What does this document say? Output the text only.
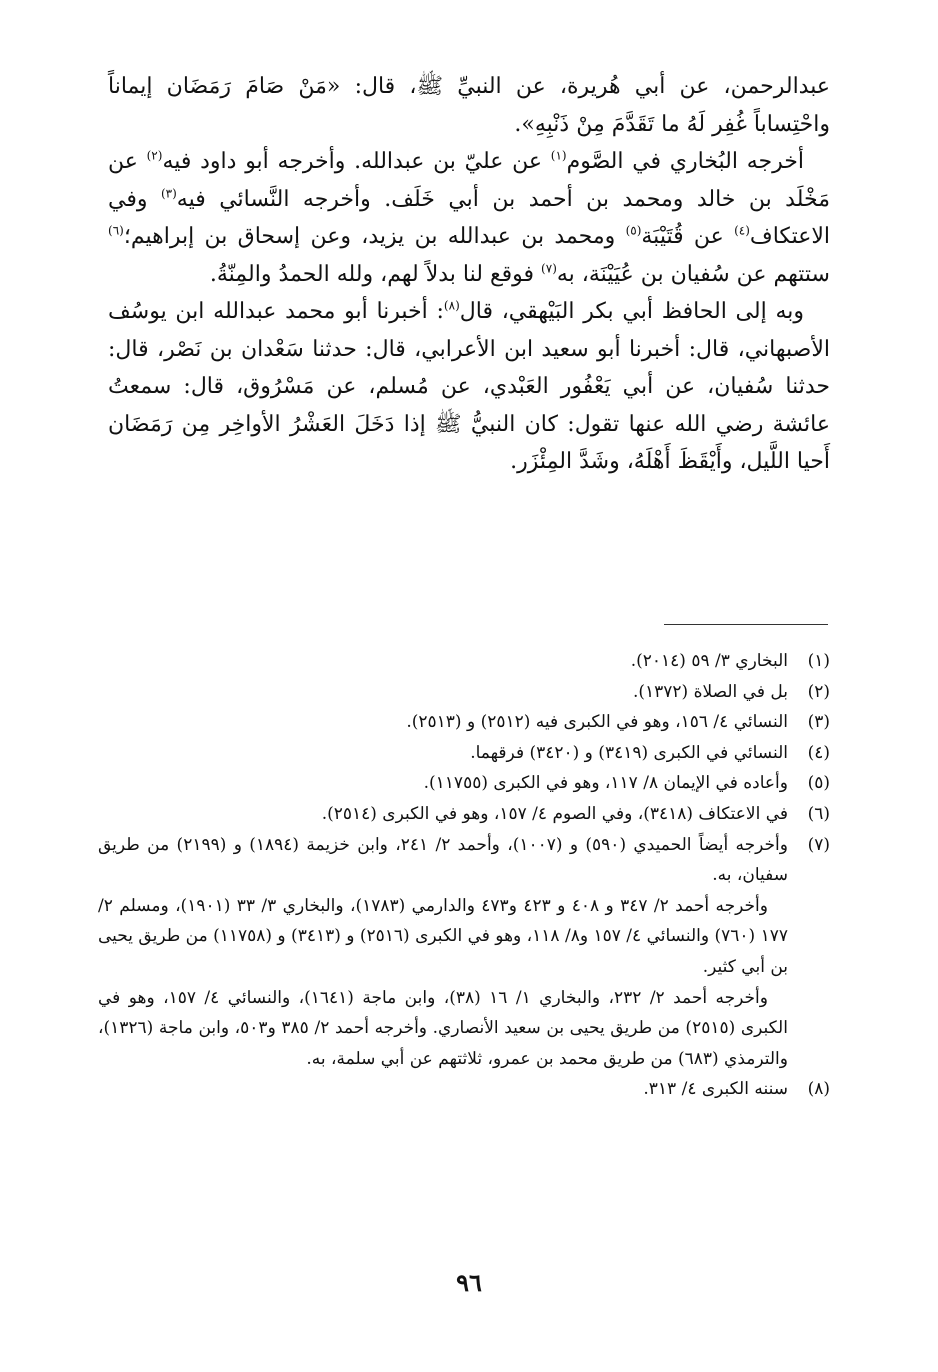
عبدالرحمن، عن أبي هُريرة، عن النبيِّ ﷺ، قال: «مَنْ صَامَ رَمَضَان إيماناً واحْتِساباً غُفِر لَهُ ما تَقَدَّمَ مِنْ ذَنْبِهِ».

أخرجه البُخاري في الصَّوم$^{(١)}$ عن عليّ بن عبدالله. وأخرجه أبو داود فيه$^{(٢)}$ عن مَخْلَد بن خالد ومحمد بن أحمد بن أبي خَلَف. وأخرجه النَّسائي فيه$^{(٣)}$ وفي الاعتكاف$^{(٤)}$ عن قُتَيْبَة$^{(٥)}$ ومحمد بن عبدالله بن يزيد، وعن إسحاق بن إبراهيم؛$^{(٦)}$ ستتهم عن سُفيان بن عُيَيْنَة، به$^{(٧)}$ فوقع لنا بدلاً لهم، ولله الحمدُ والمِنّةُ.

وبه إلى الحافظ أبي بكر البَيْهقي، قال$^{(٨)}$: أخبرنا أبو محمد عبدالله ابن يوسُف الأصبهاني، قال: أخبرنا أبو سعيد ابن الأعرابي، قال: حدثنا سَعْدان بن نَصْر، قال: حدثنا سُفيان، عن أبي يَعْفُور العَبْدي، عن مُسلم، عن مَسْرُوق، قال: سمعتُ عائشة رضي الله عنها تقول: كان النبيُّ ﷺ إذا دَخَلَ العَشْرُ الأواخِر مِن رَمَضَان أَحيا اللَّيل، وأَيْقَظَ أَهْلَهُ، وشَدَّ المِئْزَر.

(١)

البخاري ٣/ ٥٩ (٢٠١٤).

(٢)

بل في الصلاة (١٣٧٢).

(٣)

النسائي ٤/ ١٥٦، وهو في الكبرى فيه (٢٥١٢) و (٢٥١٣).

(٤)

النسائي في الكبرى (٣٤١٩) و (٣٤٢٠) فرقهما.

(٥)

وأعاده في الإيمان ٨/ ١١٧، وهو في الكبرى (١١٧٥٥).

(٦)

في الاعتكاف (٣٤١٨)، وفي الصوم ٤/ ١٥٧، وهو في الكبرى (٢٥١٤).

(٧)

وأخرجه أيضاً الحميدي (٥٩٠) و (١٠٠٧)، وأحمد ٢/ ٢٤١، وابن خزيمة (١٨٩٤) و (٢١٩٩) من طريق سفيان، به.

وأخرجه أحمد ٢/ ٣٤٧ و ٤٠٨ و ٤٢٣ و٤٧٣ والدارمي (١٧٨٣)، والبخاري ٣/ ٣٣ (١٩٠١)، ومسلم ٢/ ١٧٧ (٧٦٠) والنسائي ٤/ ١٥٧ و٨/ ١١٨، وهو في الكبرى (٢٥١٦) و (٣٤١٣) و (١١٧٥٨) من طريق يحيى بن أبي كثير.

وأخرجه أحمد ٢/ ٢٣٢، والبخاري ١/ ١٦ (٣٨)، وابن ماجة (١٦٤١)، والنسائي ٤/ ١٥٧، وهو في الكبرى (٢٥١٥) من طريق يحيى بن سعيد الأنصاري. وأخرجه أحمد ٢/ ٣٨٥ و٥٠٣، وابن ماجة (١٣٢٦)، والترمذي (٦٨٣) من طريق محمد بن عمرو، ثلاثتهم عن أبي سلمة، به.

(٨)

سننه الكبرى ٤/ ٣١٣.

٩٦
